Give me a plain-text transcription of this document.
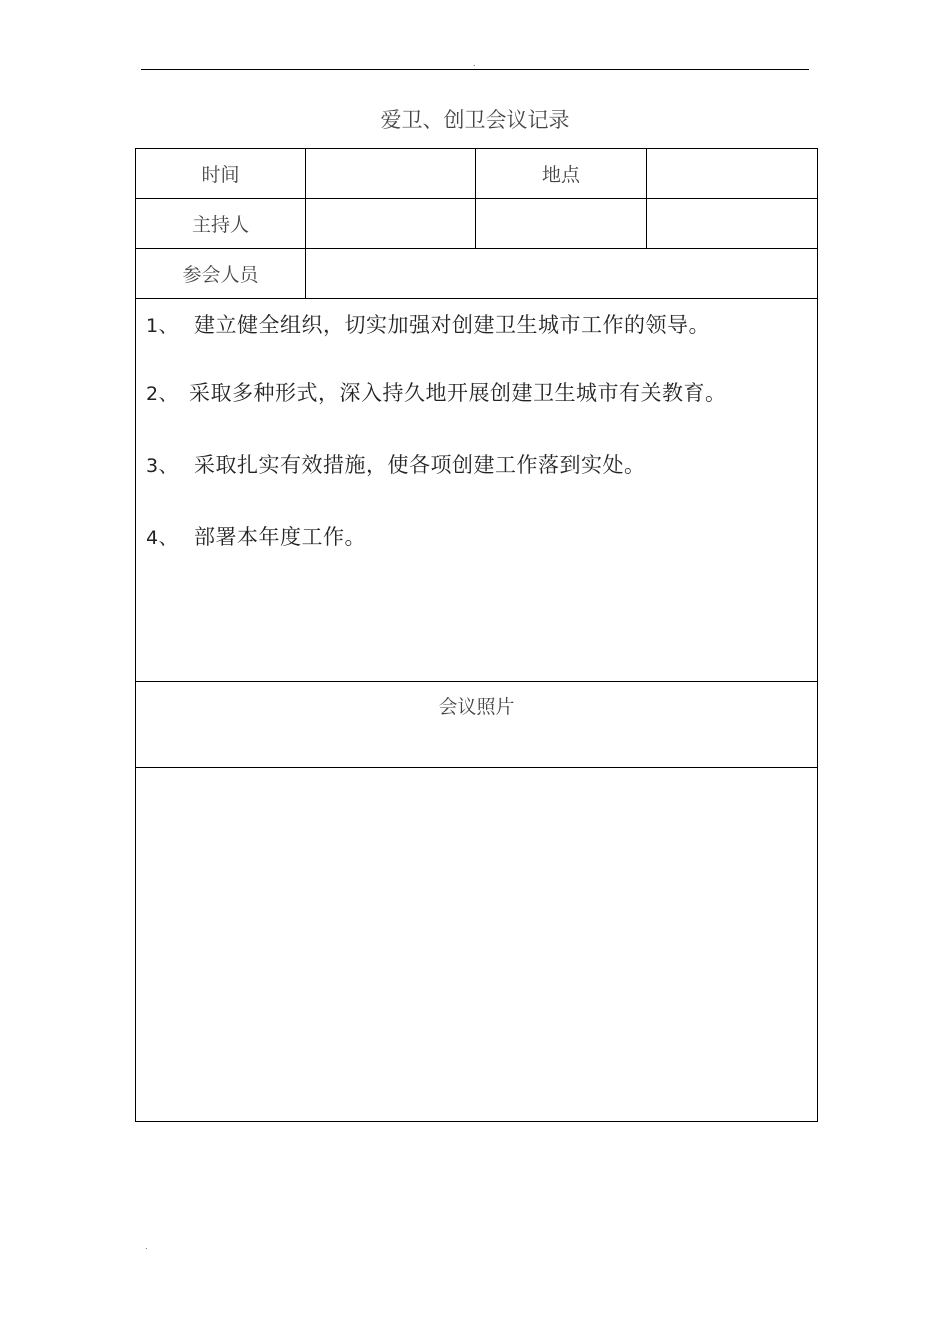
.
爱卫、创卫会议记录
时间		地点	
主持人			
参会人员			

1、 建立健全组织，切实加强对创建卫生城市工作的领导。
2、 采取多种形式，深入持久地开展创建卫生城市有关教育。
3、 采取扎实有效措施，使各项创建工作落到实处。
4、 部署本年度工作。			

会议照片			

.
